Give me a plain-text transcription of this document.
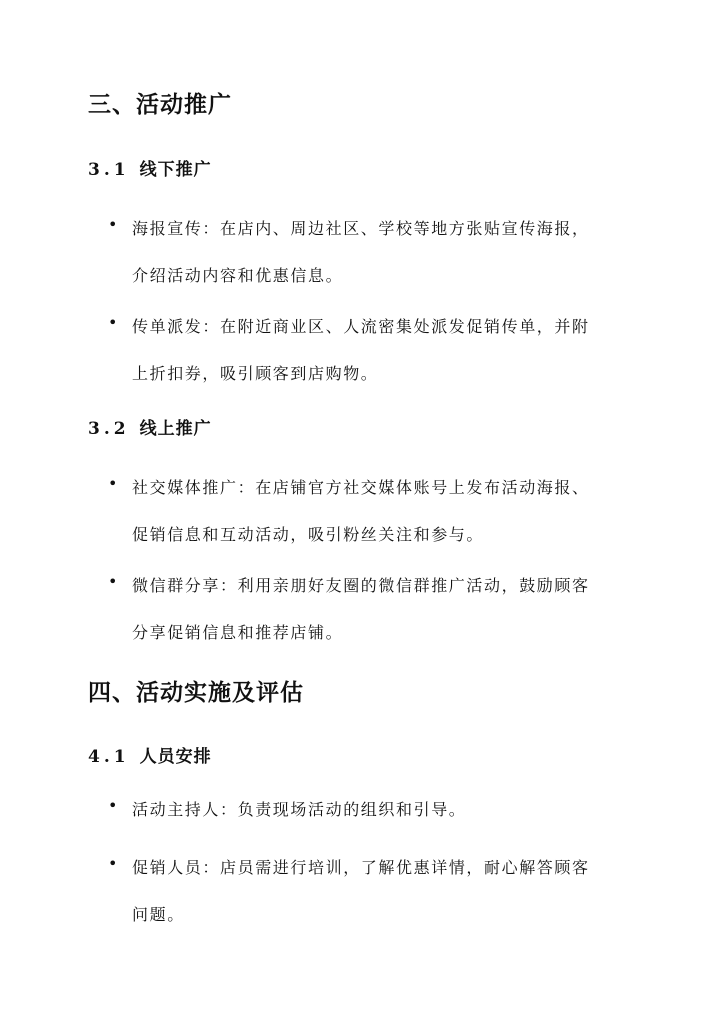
三、活动推广
3.1 线下推广
• 海报宣传：在店内、周边社区、学校等地方张贴宣传海报，
介绍活动内容和优惠信息。
• 传单派发：在附近商业区、人流密集处派发促销传单，并附
上折扣券，吸引顾客到店购物。
3.2 线上推广
• 社交媒体推广：在店铺官方社交媒体账号上发布活动海报、
促销信息和互动活动，吸引粉丝关注和参与。
• 微信群分享：利用亲朋好友圈的微信群推广活动，鼓励顾客
分享促销信息和推荐店铺。
四、活动实施及评估
4.1 人员安排
• 活动主持人：负责现场活动的组织和引导。
• 促销人员：店员需进行培训，了解优惠详情，耐心解答顾客
问题。
